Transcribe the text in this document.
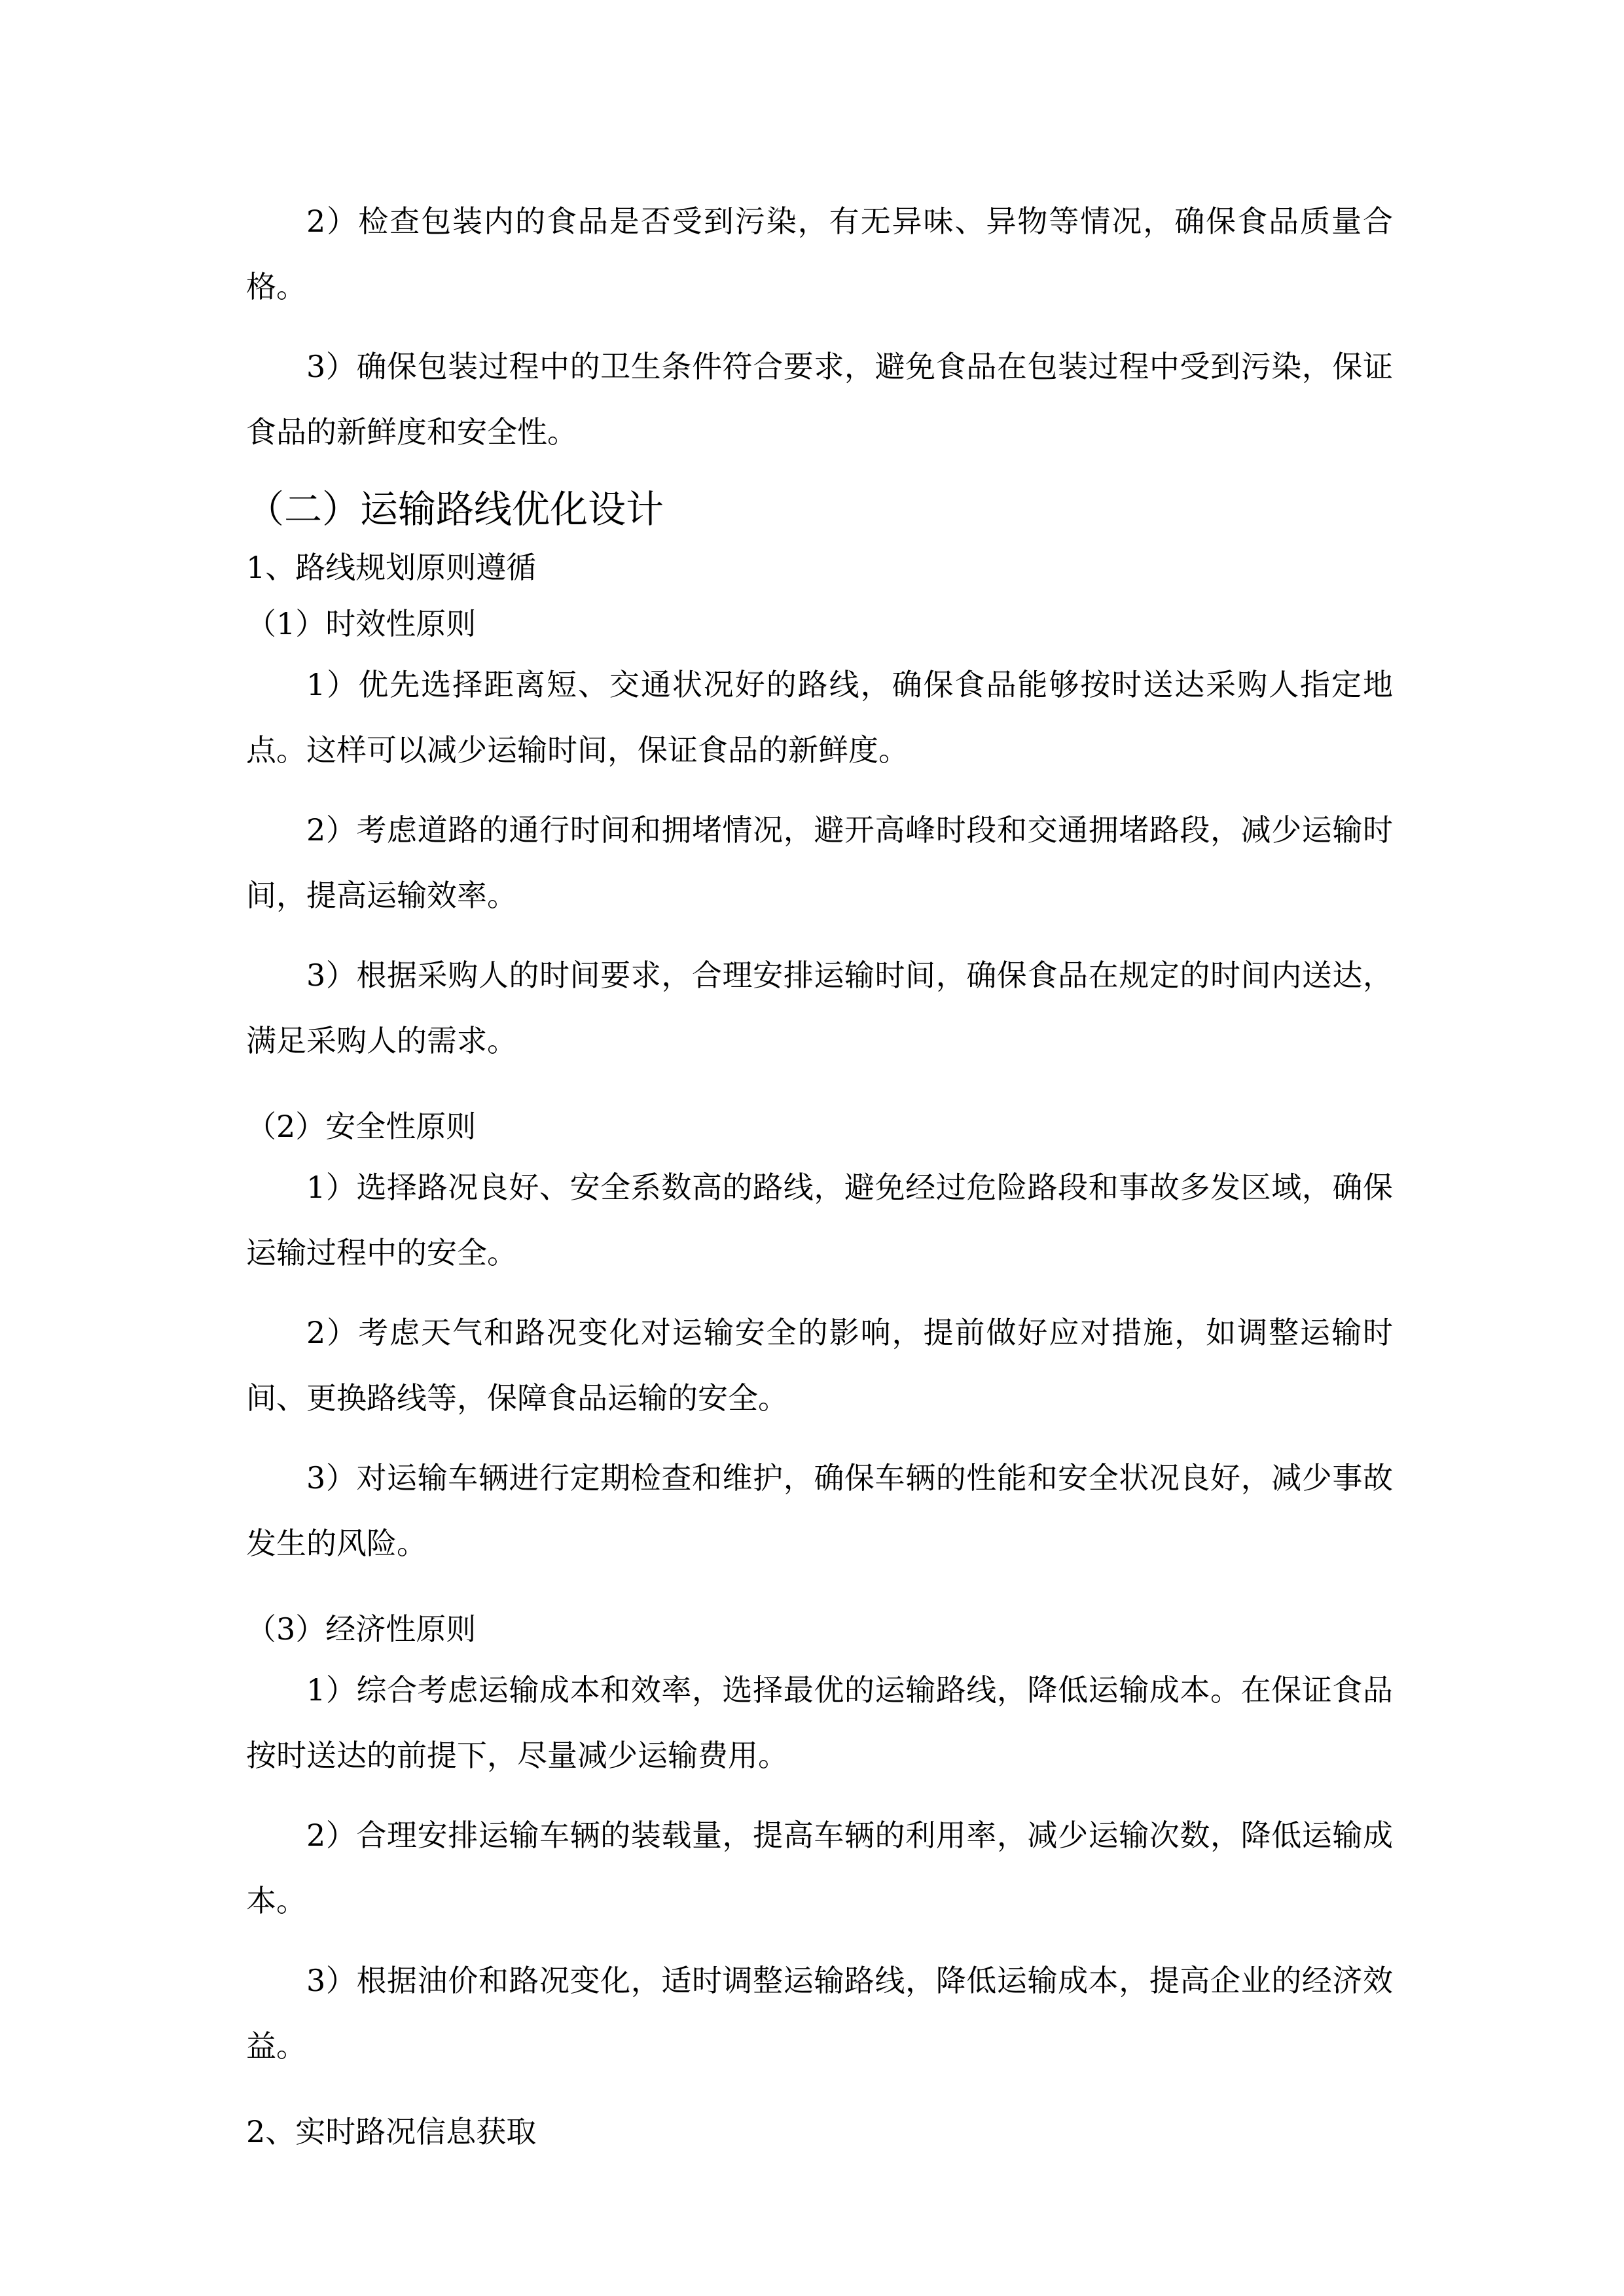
2）检查包装内的食品是否受到污染，有无异味、异物等情况，确保食品质量合格。

3）确保包装过程中的卫生条件符合要求，避免食品在包装过程中受到污染，保证食品的新鲜度和安全性。

（二）运输路线优化设计
1、路线规划原则遵循
（1）时效性原则

1）优先选择距离短、交通状况好的路线，确保食品能够按时送达采购人指定地点。这样可以减少运输时间，保证食品的新鲜度。

2）考虑道路的通行时间和拥堵情况，避开高峰时段和交通拥堵路段，减少运输时间，提高运输效率。

3）根据采购人的时间要求，合理安排运输时间，确保食品在规定的时间内送达，满足采购人的需求。

（2）安全性原则

1）选择路况良好、安全系数高的路线，避免经过危险路段和事故多发区域，确保运输过程中的安全。

2）考虑天气和路况变化对运输安全的影响，提前做好应对措施，如调整运输时间、更换路线等，保障食品运输的安全。

3）对运输车辆进行定期检查和维护，确保车辆的性能和安全状况良好，减少事故发生的风险。

（3）经济性原则

1）综合考虑运输成本和效率，选择最优的运输路线，降低运输成本。在保证食品按时送达的前提下，尽量减少运输费用。

2）合理安排运输车辆的装载量，提高车辆的利用率，减少运输次数，降低运输成本。

3）根据油价和路况变化，适时调整运输路线，降低运输成本，提高企业的经济效益。

2、实时路况信息获取
